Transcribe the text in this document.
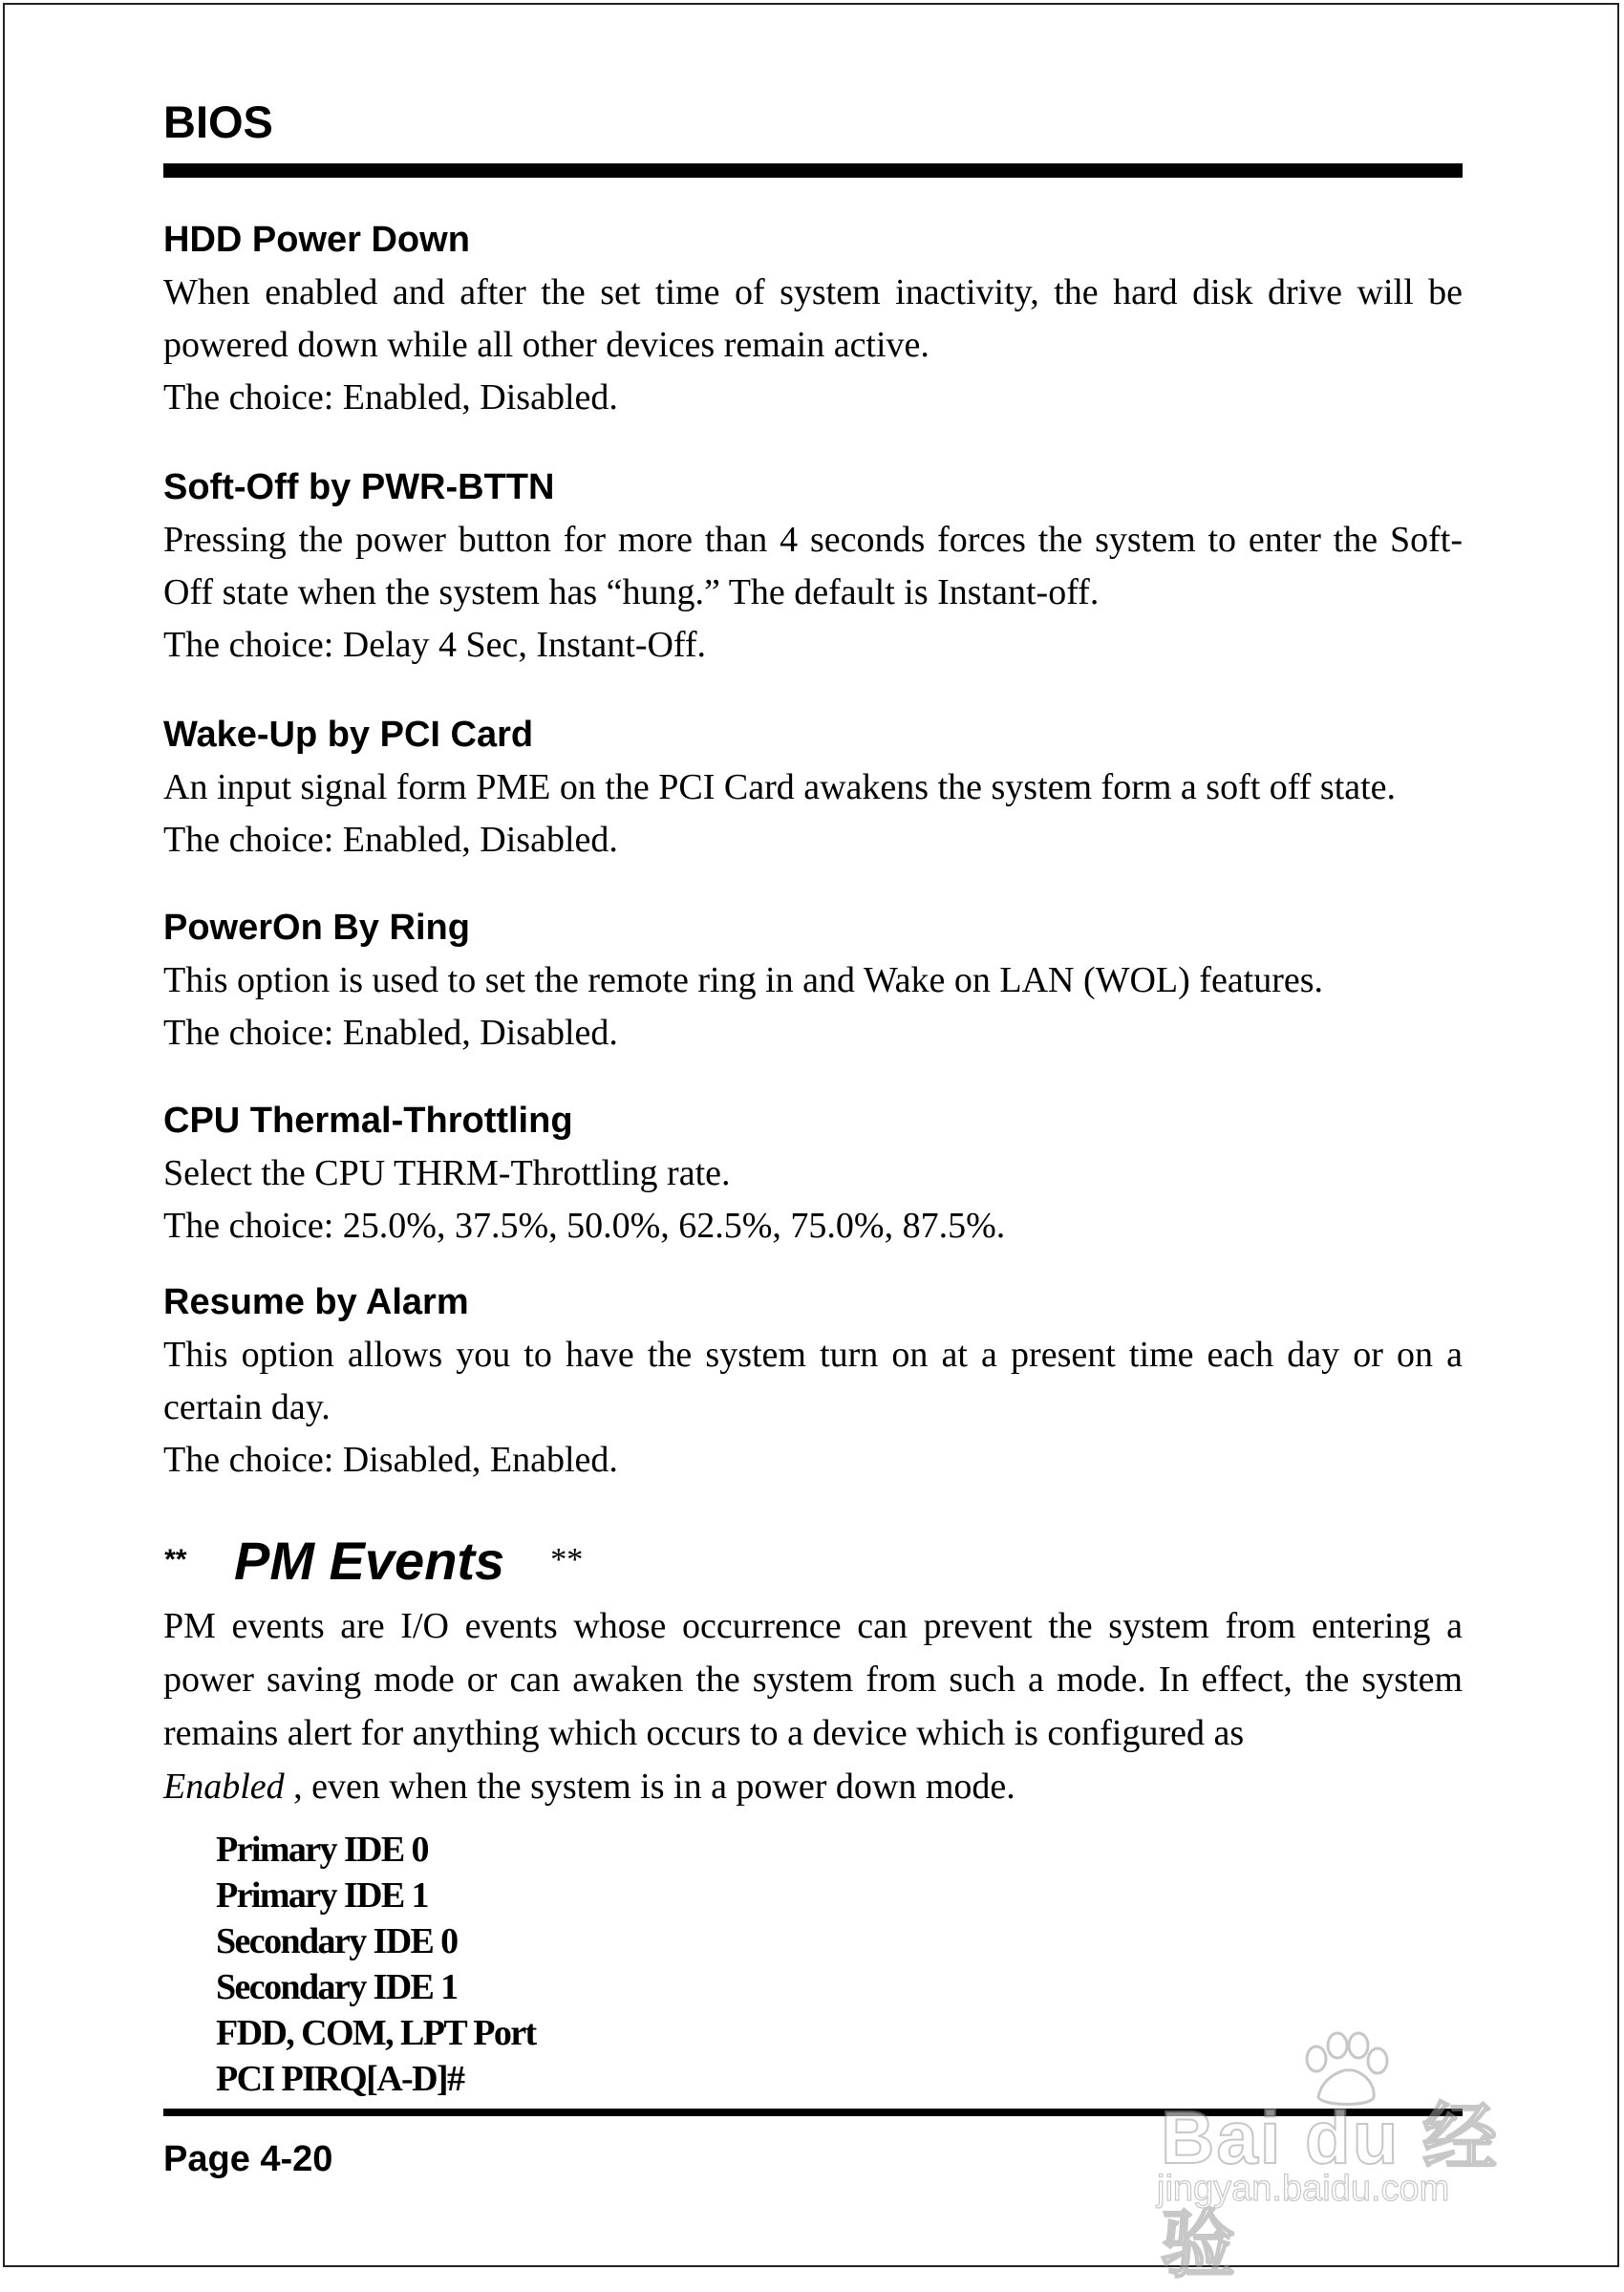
BIOS
HDD Power Down

When enabled and after the set time of system inactivity, the hard disk drive will be powered down while all other devices remain active.

The choice: Enabled, Disabled.

Soft-Off by PWR-BTTN

Pressing the power button for more than 4 seconds forces the system to enter the Soft-Off state when the system has “hung.” The default is Instant-off.

The choice: Delay 4 Sec, Instant-Off.

Wake-Up by PCI Card

An input signal form PME on the PCI Card awakens the system form a soft off state.

The choice: Enabled, Disabled.

PowerOn By Ring

This option is used to set the remote ring in and Wake on LAN (WOL) features.

The choice: Enabled, Disabled.

CPU Thermal-Throttling

Select the CPU THRM-Throttling rate.

The choice: 25.0%, 37.5%, 50.0%, 62.5%, 75.0%, 87.5%.

Resume by Alarm

This option allows you to have the system turn on at a present time each day or on a certain day.

The choice: Disabled, Enabled.

** PM Events **

PM events are I/O events whose occurrence can prevent the system from entering a power saving mode or can awaken the system from such a mode. In effect, the system remains alert for anything which occurs to a device which is configured as
Enabled , even when the system is in a power down mode.

Primary IDE 0
Primary IDE 1
Secondary IDE 0
Secondary IDE 1
FDD, COM, LPT Port
PCI PIRQ[A-D]#
Page 4-20	Bai du 经验
jingyan.baidu.com
